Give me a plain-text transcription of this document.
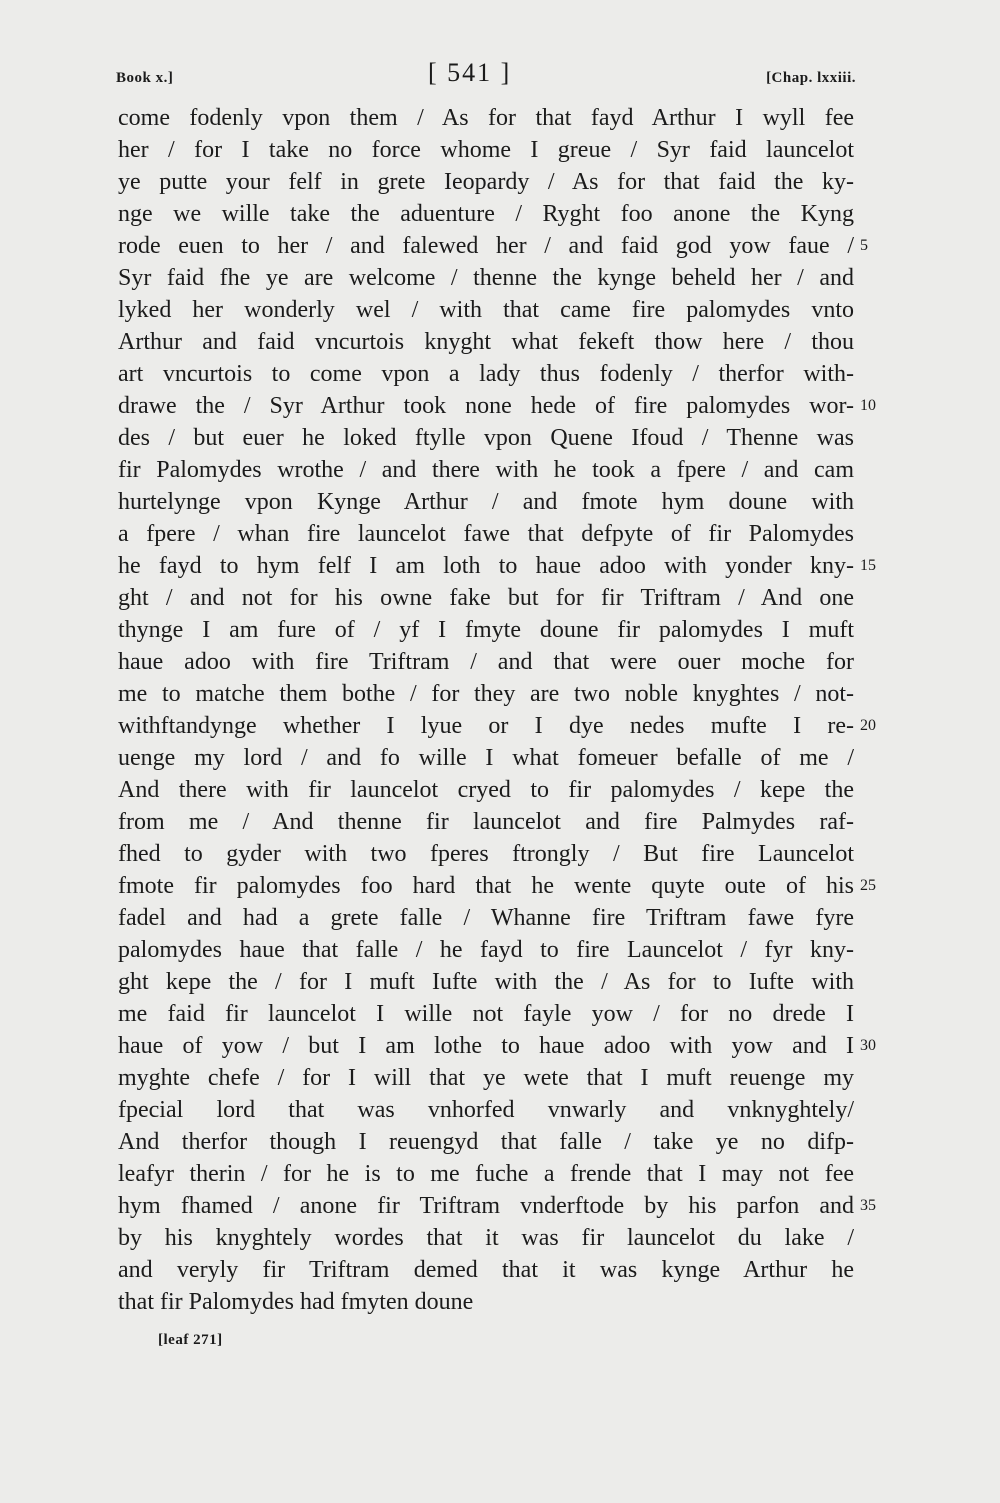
Book x.]	[ 541 ]	[Chap. lxxiii.
come fodenly vpon them / As for that fayd Arthur I wyll fee
her / for I take no force whome I greue / Syr faid launcelot
ye putte your felf in grete Ieopardy / As for that faid the ky-
nge we wille take the aduenture / Ryght foo anone the Kyng
rode euen to her / and falewed her / and faid god yow faue /
Syr faid fhe ye are welcome / thenne the kynge beheld her / and
lyked her wonderly wel / with that came fire palomydes vnto
Arthur and faid vncurtois knyght what fekeft thow here / thou
art vncurtois to come vpon a lady thus fodenly / therfor with-
drawe the / Syr Arthur took none hede of fire palomydes wor-
des / but euer he loked ftylle vpon Quene Ifoud / Thenne was
fir Palomydes wrothe / and there with he took a fpere / and cam
hurtelynge vpon Kynge Arthur / and fmote hym doune with
a fpere / whan fire launcelot fawe that defpyte of fir Palomydes
he fayd to hym felf I am loth to haue adoo with yonder kny-
ght / and not for his owne fake but for fir Triftram / And one
thynge I am fure of / yf I fmyte doune fir palomydes I muft
haue adoo with fire Triftram / and that were ouer moche for
me to matche them bothe / for they are two noble knyghtes / not-
withftandynge whether I lyue or I dye nedes mufte I re-
uenge my lord / and fo wille I what fomeuer befalle of me /
And there with fir launcelot cryed to fir palomydes / kepe the
from me / And thenne fir launcelot and fire Palmydes raf-
fhed to gyder with two fperes ftrongly / But fire Launcelot
fmote fir palomydes foo hard that he wente quyte oute of his
fadel and had a grete falle / Whanne fire Triftram fawe fyre
palomydes haue that falle / he fayd to fire Launcelot / fyr kny-
ght kepe the / for I muft Iufte with the / As for to Iufte with
me faid fir launcelot I wille not fayle yow / for no drede I
haue of yow / but I am lothe to haue adoo with yow and I
myghte chefe / for I will that ye wete that I muft reuenge my
fpecial lord that was vnhorfed vnwarly and vnknyghtely/
And therfor though I reuengyd that falle / take ye no difp-
leafyr therin / for he is to me fuche a frende that I may not fee
hym fhamed / anone fir Triftram vnderftode by his parfon and
by his knyghtely wordes that it was fir launcelot du lake /
and veryly fir Triftram demed that it was kynge Arthur he
that fir Palomydes had fmyten doune
5
10
15
20
25
30
35
[leaf 271]
